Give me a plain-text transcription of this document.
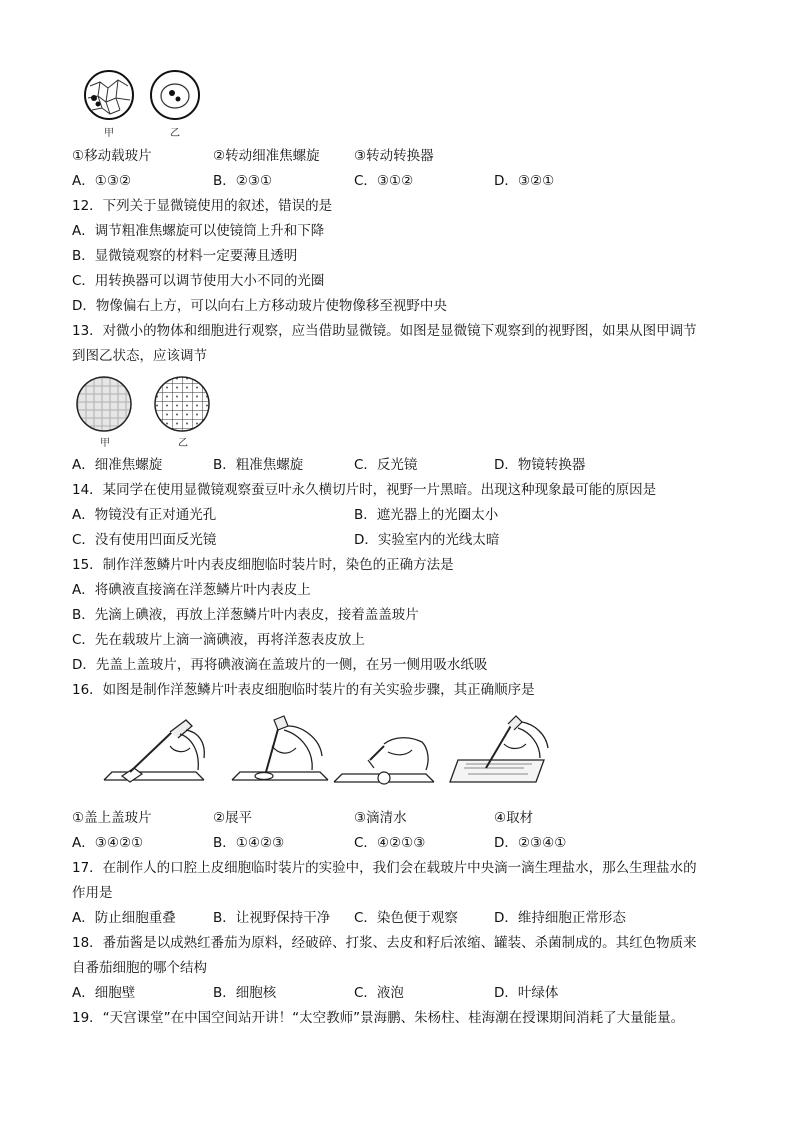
甲	乙
①移动载玻片	②转动细准焦螺旋	③转动转换器
A．①③②	B．②③①	C．③①②	D．③②①
12．下列关于显微镜使用的叙述，错误的是
A．调节粗准焦螺旋可以使镜筒上升和下降
B．显微镜观察的材料一定要薄且透明
C．用转换器可以调节使用大小不同的光圈
D．物像偏右上方，可以向右上方移动玻片使物像移至视野中央
13．对微小的物体和细胞进行观察，应当借助显微镜。如图是显微镜下观察到的视野图，如果从图甲调节
到图乙状态，应该调节
甲	乙
A．细准焦螺旋	B．粗准焦螺旋	C．反光镜	D．物镜转换器
14．某同学在使用显微镜观察蚕豆叶永久横切片时，视野一片黑暗。出现这种现象最可能的原因是
A．物镜没有正对通光孔	B．遮光器上的光圈太小
C．没有使用凹面反光镜	D．实验室内的光线太暗
15．制作洋葱鳞片叶内表皮细胞临时装片时，染色的正确方法是
A．将碘液直接滴在洋葱鳞片叶内表皮上
B．先滴上碘液，再放上洋葱鳞片叶内表皮，接着盖盖玻片
C．先在载玻片上滴一滴碘液，再将洋葱表皮放上
D．先盖上盖玻片，再将碘液滴在盖玻片的一侧，在另一侧用吸水纸吸
16．如图是制作洋葱鳞片叶表皮细胞临时装片的有关实验步骤，其正确顺序是
①盖上盖玻片	②展平	③滴清水	④取材
A．③④②①	B．①④②③	C．④②①③	D．②③④①
17．在制作人的口腔上皮细胞临时装片的实验中，我们会在载玻片中央滴一滴生理盐水，那么生理盐水的
作用是
A．防止细胞重叠	B．让视野保持干净 C．染色便于观察	D．维持细胞正常形态
18．番茄酱是以成熟红番茄为原料，经破碎、打浆、去皮和籽后浓缩、罐装、杀菌制成的。其红色物质来
自番茄细胞的哪个结构
A．细胞壁	B．细胞核	C．液泡	D．叶绿体
19．“天宫课堂”在中国空间站开讲！“太空教师”景海鹏、朱杨柱、桂海潮在授课期间消耗了大量能量。
